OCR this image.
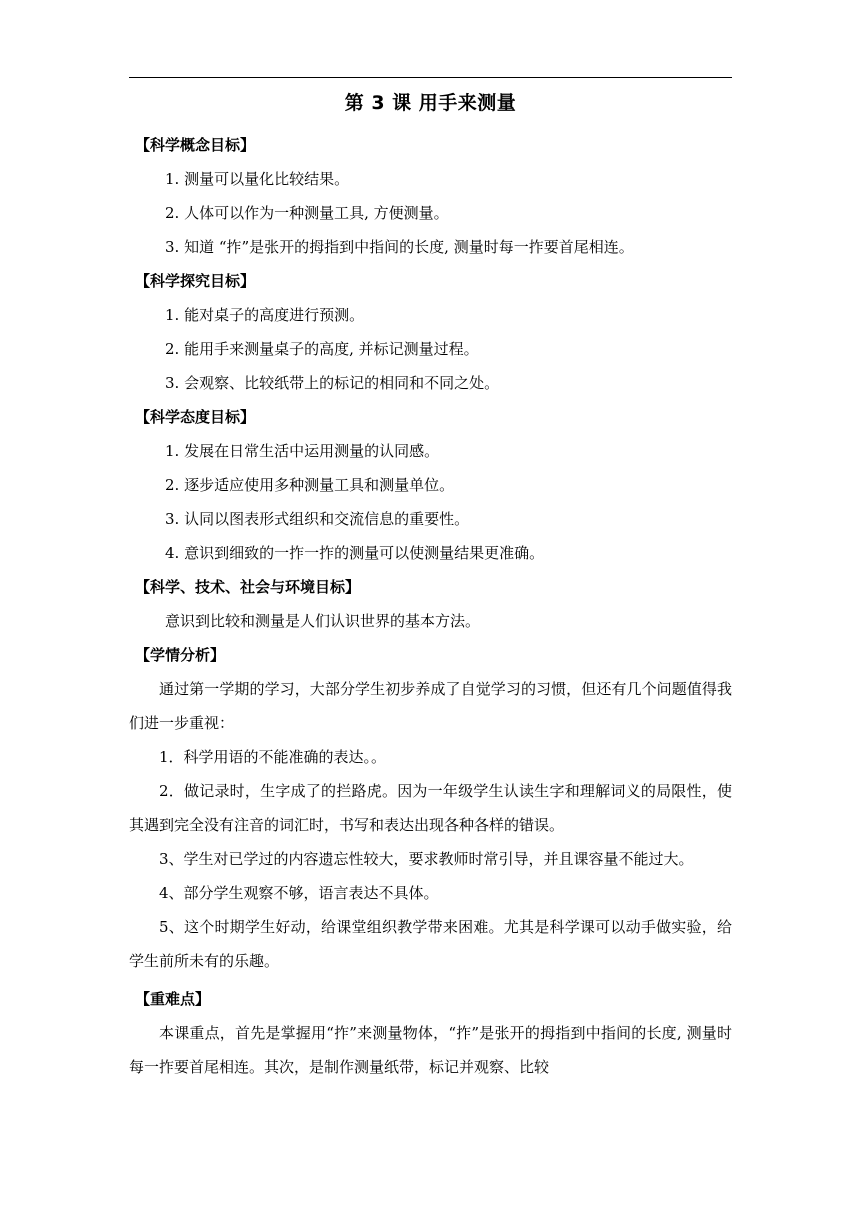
第 3 课 用手来测量
【科学概念目标】
1. 测量可以量化比较结果。
2. 人体可以作为一种测量工具, 方便测量。
3. 知道 “拃”是张开的拇指到中指间的长度, 测量时每一拃要首尾相连。
【科学探究目标】
1. 能对桌子的高度进行预测。
2. 能用手来测量桌子的高度, 并标记测量过程。
3. 会观察、比较纸带上的标记的相同和不同之处。
【科学态度目标】
1. 发展在日常生活中运用测量的认同感。
2. 逐步适应使用多种测量工具和测量单位。
3. 认同以图表形式组织和交流信息的重要性。
4. 意识到细致的一拃一拃的测量可以使测量结果更准确。
【科学、技术、社会与环境目标】
意识到比较和测量是人们认识世界的基本方法。
【学情分析】
通过第一学期的学习，大部分学生初步养成了自觉学习的习惯，但还有几个问题值得我们进一步重视：
1．科学用语的不能准确的表达。。
2．做记录时，生字成了的拦路虎。因为一年级学生认读生字和理解词义的局限性，使其遇到完全没有注音的词汇时，书写和表达出现各种各样的错误。
3、学生对已学过的内容遗忘性较大，要求教师时常引导，并且课容量不能过大。
4、部分学生观察不够，语言表达不具体。
5、这个时期学生好动，给课堂组织教学带来困难。尤其是科学课可以动手做实验，给学生前所未有的乐趣。
【重难点】
本课重点，首先是掌握用“拃”来测量物体，“拃”是张开的拇指到中指间的长度, 测量时每一拃要首尾相连。其次，是制作测量纸带，标记并观察、比较
